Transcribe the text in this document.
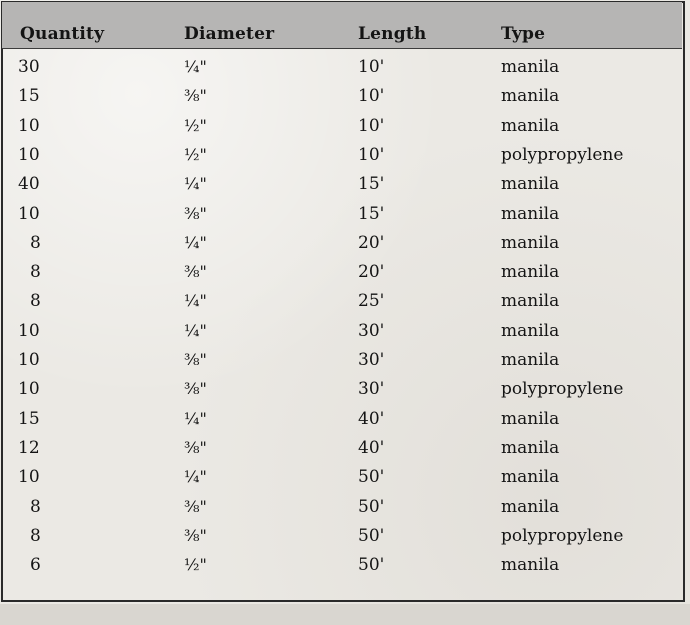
Quantity	Diameter	Length	Type
30	¼"	10'	manila
15	⅜"	10'	manila
10	½"	10'	manila
10	½"	10'	polypropylene
40	¼"	15'	manila
10	⅜"	15'	manila
8	¼"	20'	manila
8	⅜"	20'	manila
8	¼"	25'	manila
10	¼"	30'	manila
10	⅜"	30'	manila
10	⅜"	30'	polypropylene
15	¼"	40'	manila
12	⅜"	40'	manila
10	¼"	50'	manila
8	⅜"	50'	manila
8	⅜"	50'	polypropylene
6	½"	50'	manila
